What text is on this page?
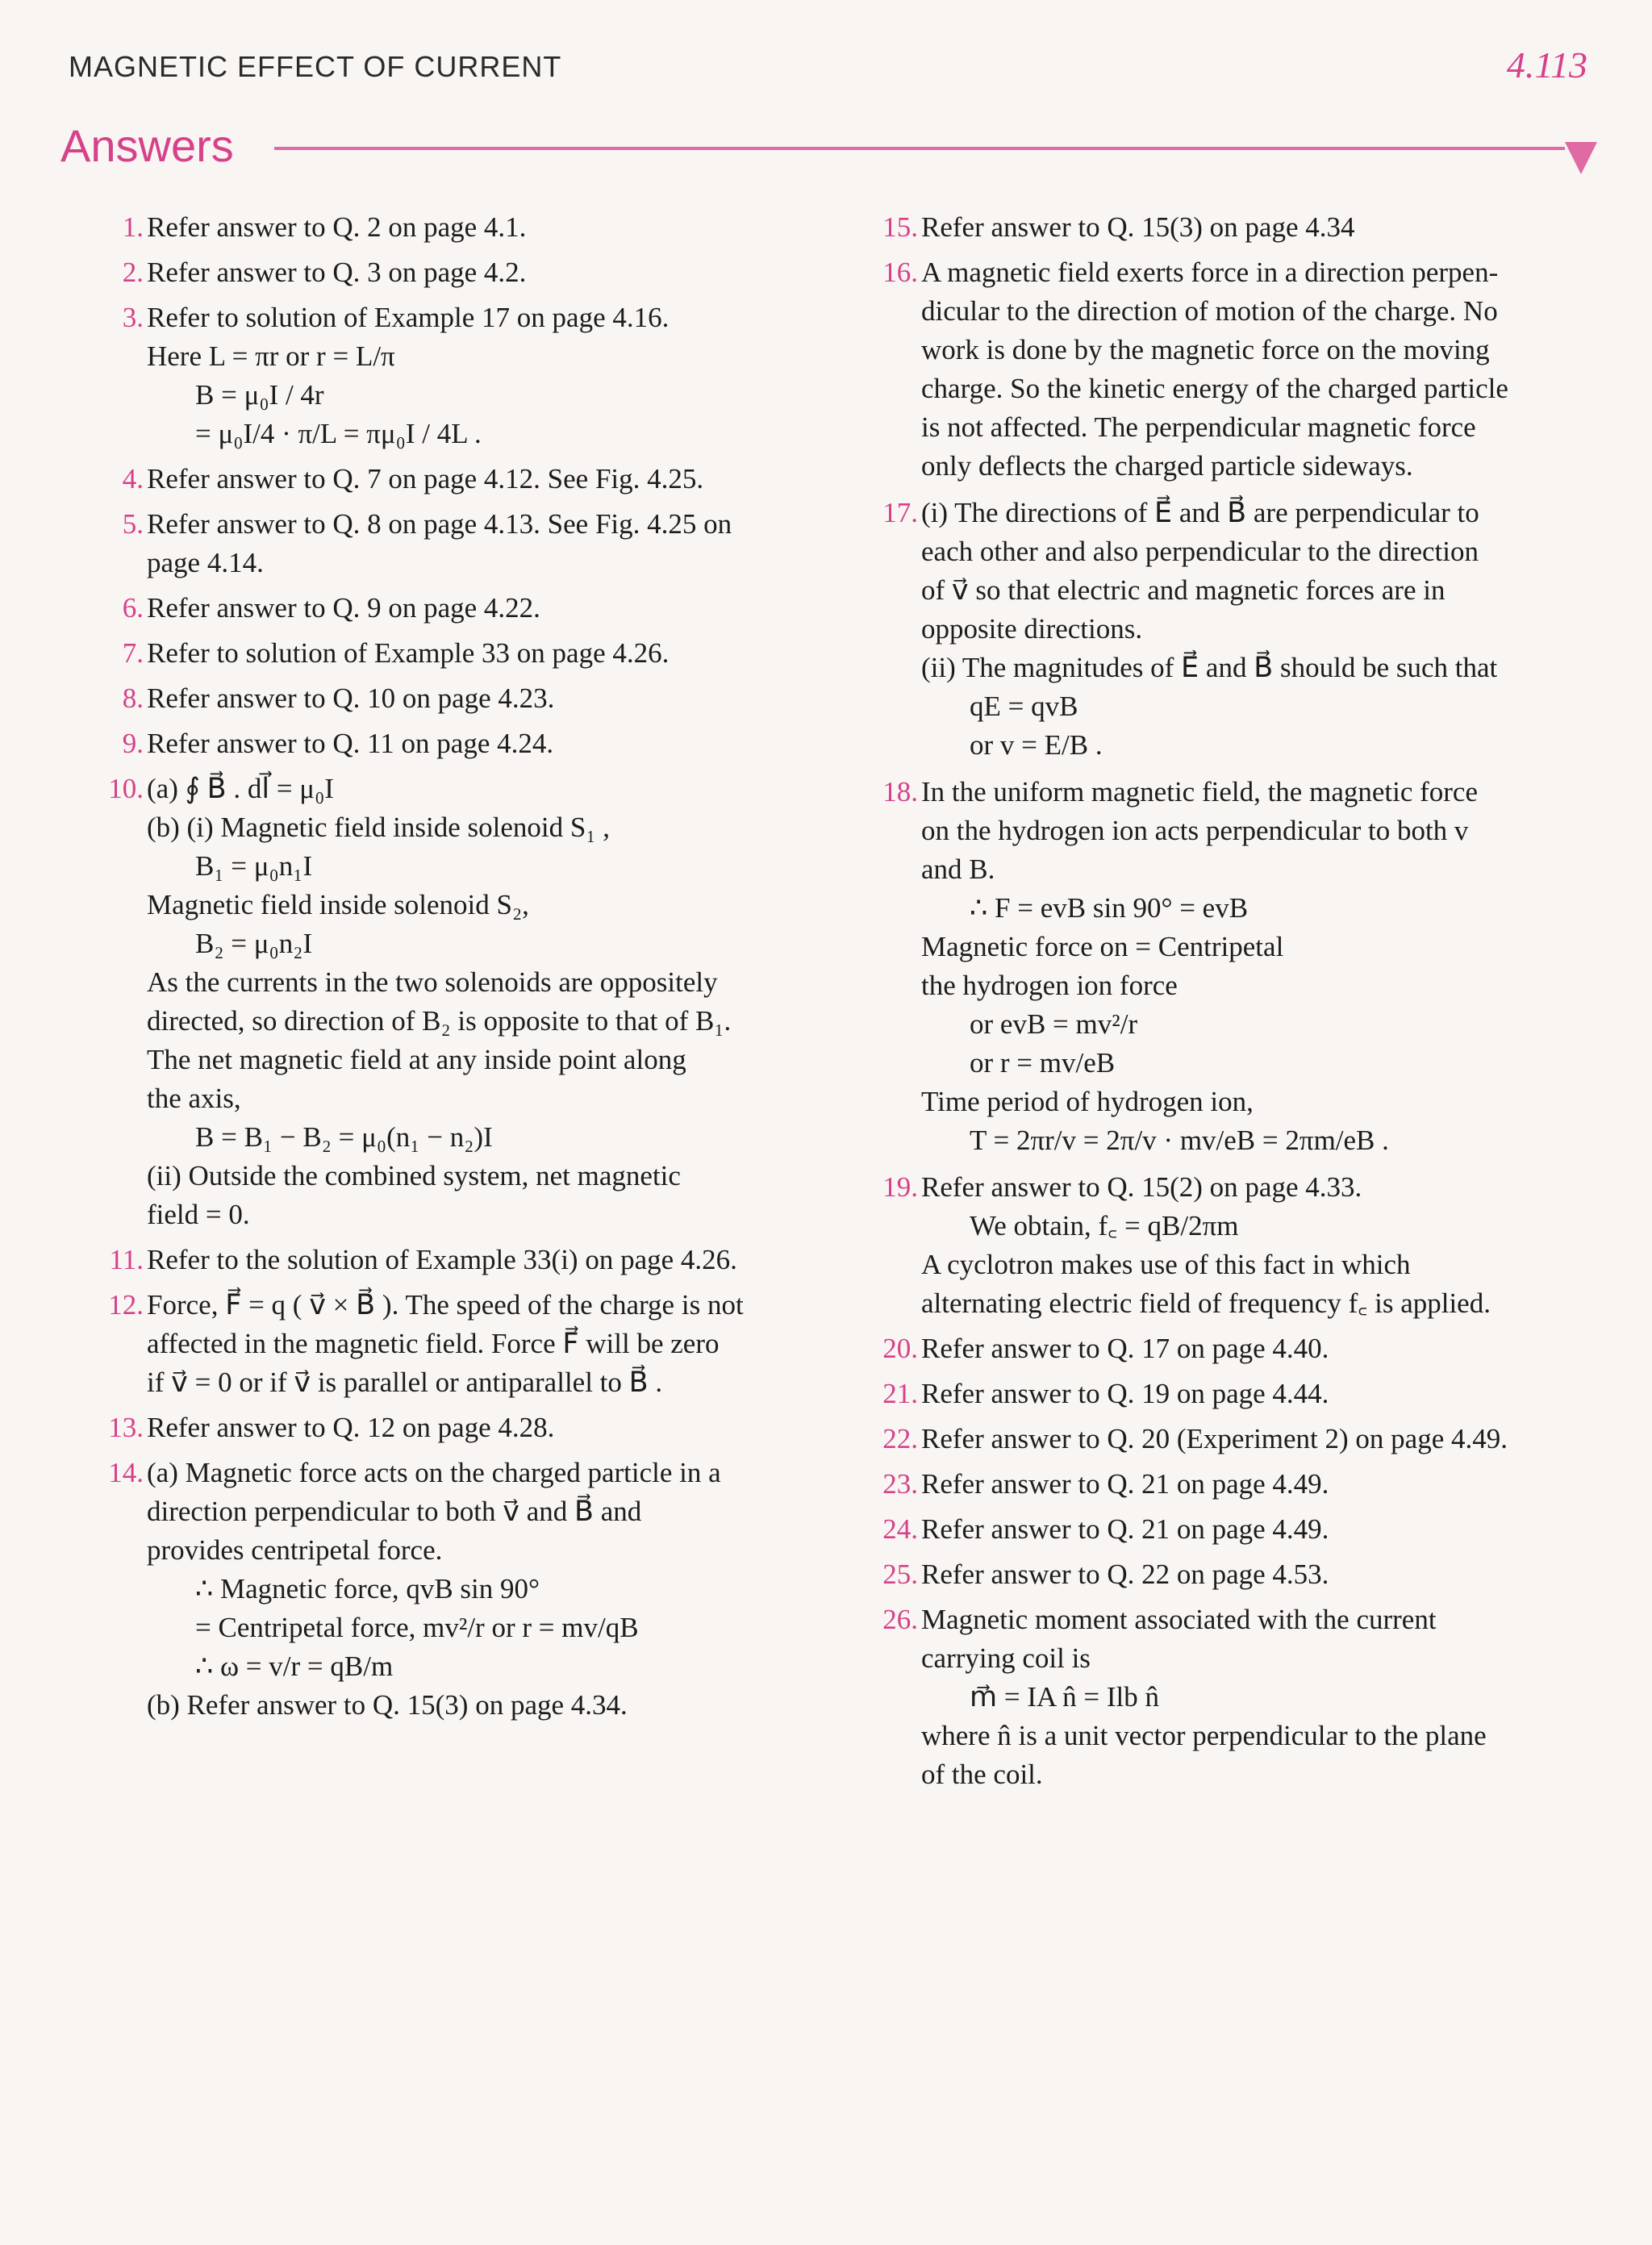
MAGNETIC EFFECT OF CURRENT	4.113
Answers
1. Refer answer to Q. 2 on page 4.1.
2. Refer answer to Q. 3 on page 4.2.
3. Refer to solution of Example 17 on page 4.16.
Here L = πr or r = L/π
B = μ₀I / 4r
= μ₀I/4 · π/L = πμ₀I / 4L .
4. Refer answer to Q. 7 on page 4.12. See Fig. 4.25.
5. Refer answer to Q. 8 on page 4.13. See Fig. 4.25 on
page 4.14.
6. Refer answer to Q. 9 on page 4.22.
7. Refer to solution of Example 33 on page 4.26.
8. Refer answer to Q. 10 on page 4.23.
9. Refer answer to Q. 11 on page 4.24.
10. (a) ∮ B⃗ . dl⃗ = μ₀I
(b) (i) Magnetic field inside solenoid S₁ ,
B₁ = μ₀n₁I
Magnetic field inside solenoid S₂,
B₂ = μ₀n₂I
As the currents in the two solenoids are oppositely
directed, so direction of B₂ is opposite to that of B₁.
The net magnetic field at any inside point along
the axis,
B = B₁ − B₂ = μ₀(n₁ − n₂)I
(ii) Outside the combined system, net magnetic
field = 0.
11. Refer to the solution of Example 33(i) on page 4.26.
12. Force, F⃗ = q ( v⃗ × B⃗ ). The speed of the charge is not
affected in the magnetic field. Force F⃗ will be zero
if v⃗ = 0 or if v⃗ is parallel or antiparallel to B⃗ .
13. Refer answer to Q. 12 on page 4.28.
14. (a) Magnetic force acts on the charged particle in a
direction perpendicular to both v⃗ and B⃗ and
provides centripetal force.
∴ Magnetic force, qvB sin 90°
= Centripetal force, mv²/r or r = mv/qB
∴ ω = v/r = qB/m
(b) Refer answer to Q. 15(3) on page 4.34.
15. Refer answer to Q. 15(3) on page 4.34
16. A magnetic field exerts force in a direction perpen-
dicular to the direction of motion of the charge. No
work is done by the magnetic force on the moving
charge. So the kinetic energy of the charged particle
is not affected. The perpendicular magnetic force
only deflects the charged particle sideways.
17. (i) The directions of E⃗ and B⃗ are perpendicular to
each other and also perpendicular to the direction
of v⃗ so that electric and magnetic forces are in
opposite directions.
(ii) The magnitudes of E⃗ and B⃗ should be such that
qE = qvB
or v = E/B .
18. In the uniform magnetic field, the magnetic force
on the hydrogen ion acts perpendicular to both v
and B.
∴ F = evB sin 90° = evB
Magnetic force on = Centripetal
the hydrogen ion force
or evB = mv²/r
or r = mv/eB
Time period of hydrogen ion,
T = 2πr/v = 2π/v · mv/eB = 2πm/eB .
19. Refer answer to Q. 15(2) on page 4.33.
We obtain, f꜀ = qB/2πm
A cyclotron makes use of this fact in which
alternating electric field of frequency f꜀ is applied.
20. Refer answer to Q. 17 on page 4.40.
21. Refer answer to Q. 19 on page 4.44.
22. Refer answer to Q. 20 (Experiment 2) on page 4.49.
23. Refer answer to Q. 21 on page 4.49.
24. Refer answer to Q. 21 on page 4.49.
25. Refer answer to Q. 22 on page 4.53.
26. Magnetic moment associated with the current
carrying coil is
m⃗ = IA n̂ = Ilb n̂
where n̂ is a unit vector perpendicular to the plane
of the coil.
